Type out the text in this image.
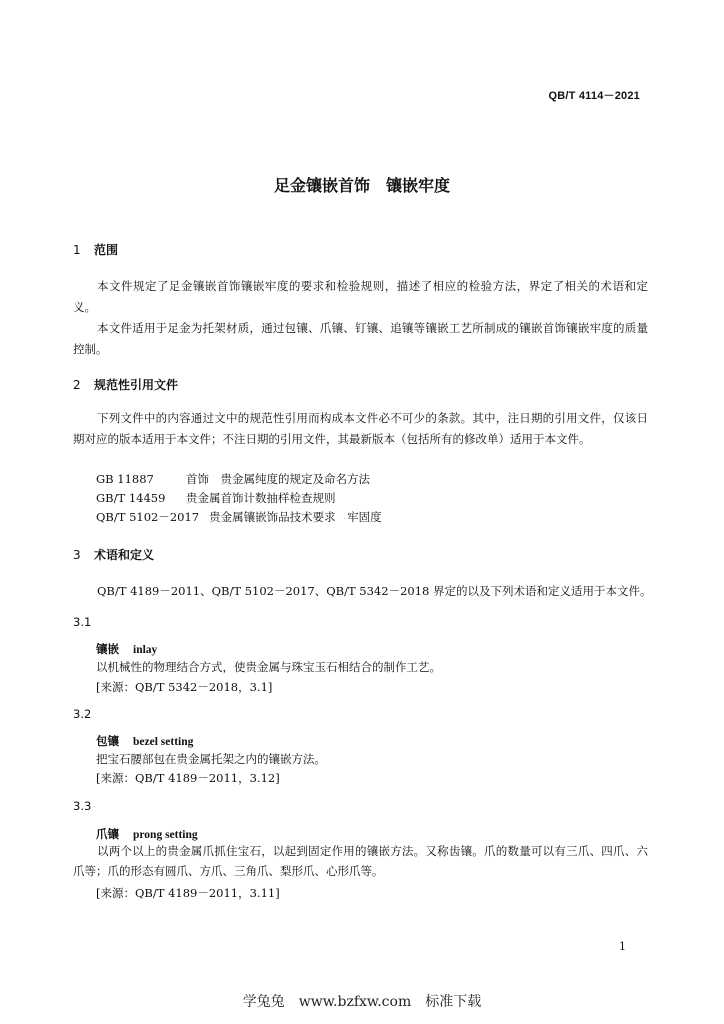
QB/T 4114－2021
足金镶嵌首饰　镶嵌牢度
1 范围
本文件规定了足金镶嵌首饰镶嵌牢度的要求和检验规则，描述了相应的检验方法，界定了相关的术语和定义。
本文件适用于足金为托架材质，通过包镶、爪镶、钉镶、追镶等镶嵌工艺所制成的镶嵌首饰镶嵌牢度的质量控制。
2 规范性引用文件
下列文件中的内容通过文中的规范性引用而构成本文件必不可少的条款。其中，注日期的引用文件，仅该日期对应的版本适用于本文件；不注日期的引用文件，其最新版本（包括所有的修改单）适用于本文件。
GB 11887	首饰　贵金属纯度的规定及命名方法
GB/T 14459 贵金属首饰计数抽样检查规则
QB/T 5102－2017 贵金属镶嵌饰品技术要求　牢固度
3 术语和定义
QB/T 4189－2011、QB/T 5102－2017、QB/T 5342－2018 界定的以及下列术语和定义适用于本文件。
3.1
镶嵌 inlay
以机械性的物理结合方式，使贵金属与珠宝玉石相结合的制作工艺。
[来源：QB/T 5342－2018，3.1]
3.2
包镶 bezel setting
把宝石腰部包在贵金属托架之内的镶嵌方法。
[来源：QB/T 4189－2011，3.12]
3.3
爪镶 prong setting
以两个以上的贵金属爪抓住宝石，以起到固定作用的镶嵌方法。又称齿镶。爪的数量可以有三爪、四爪、六爪等；爪的形态有圆爪、方爪、三角爪、梨形爪、心形爪等。
[来源：QB/T 4189－2011，3.11]
1
学兔兔　www.bzfxw.com　标准下载
